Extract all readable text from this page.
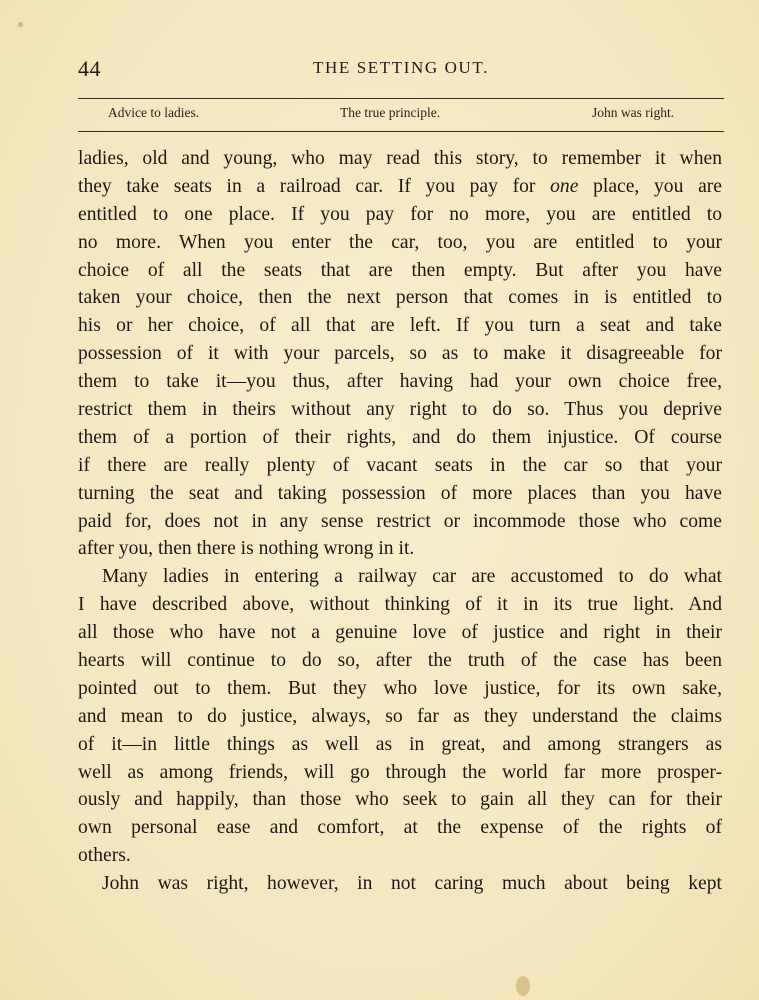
44	THE SETTING OUT.
Advice to ladies.	The true principle.	John was right.
ladies, old and young, who may read this story, to remember it when
they take seats in a railroad car. If you pay for one place, you are
entitled to one place. If you pay for no more, you are entitled to
no more. When you enter the car, too, you are entitled to your
choice of all the seats that are then empty. But after you have
taken your choice, then the next person that comes in is entitled to
his or her choice, of all that are left. If you turn a seat and take
possession of it with your parcels, so as to make it disagreeable for
them to take it—you thus, after having had your own choice free,
restrict them in theirs without any right to do so. Thus you deprive
them of a portion of their rights, and do them injustice. Of course
if there are really plenty of vacant seats in the car so that your
turning the seat and taking possession of more places than you have
paid for, does not in any sense restrict or incommode those who come
after you, then there is nothing wrong in it.
Many ladies in entering a railway car are accustomed to do what
I have described above, without thinking of it in its true light. And
all those who have not a genuine love of justice and right in their
hearts will continue to do so, after the truth of the case has been
pointed out to them. But they who love justice, for its own sake,
and mean to do justice, always, so far as they understand the claims
of it—in little things as well as in great, and among strangers as
well as among friends, will go through the world far more prosper-
ously and happily, than those who seek to gain all they can for their
own personal ease and comfort, at the expense of the rights of
others.
John was right, however, in not caring much about being kept
